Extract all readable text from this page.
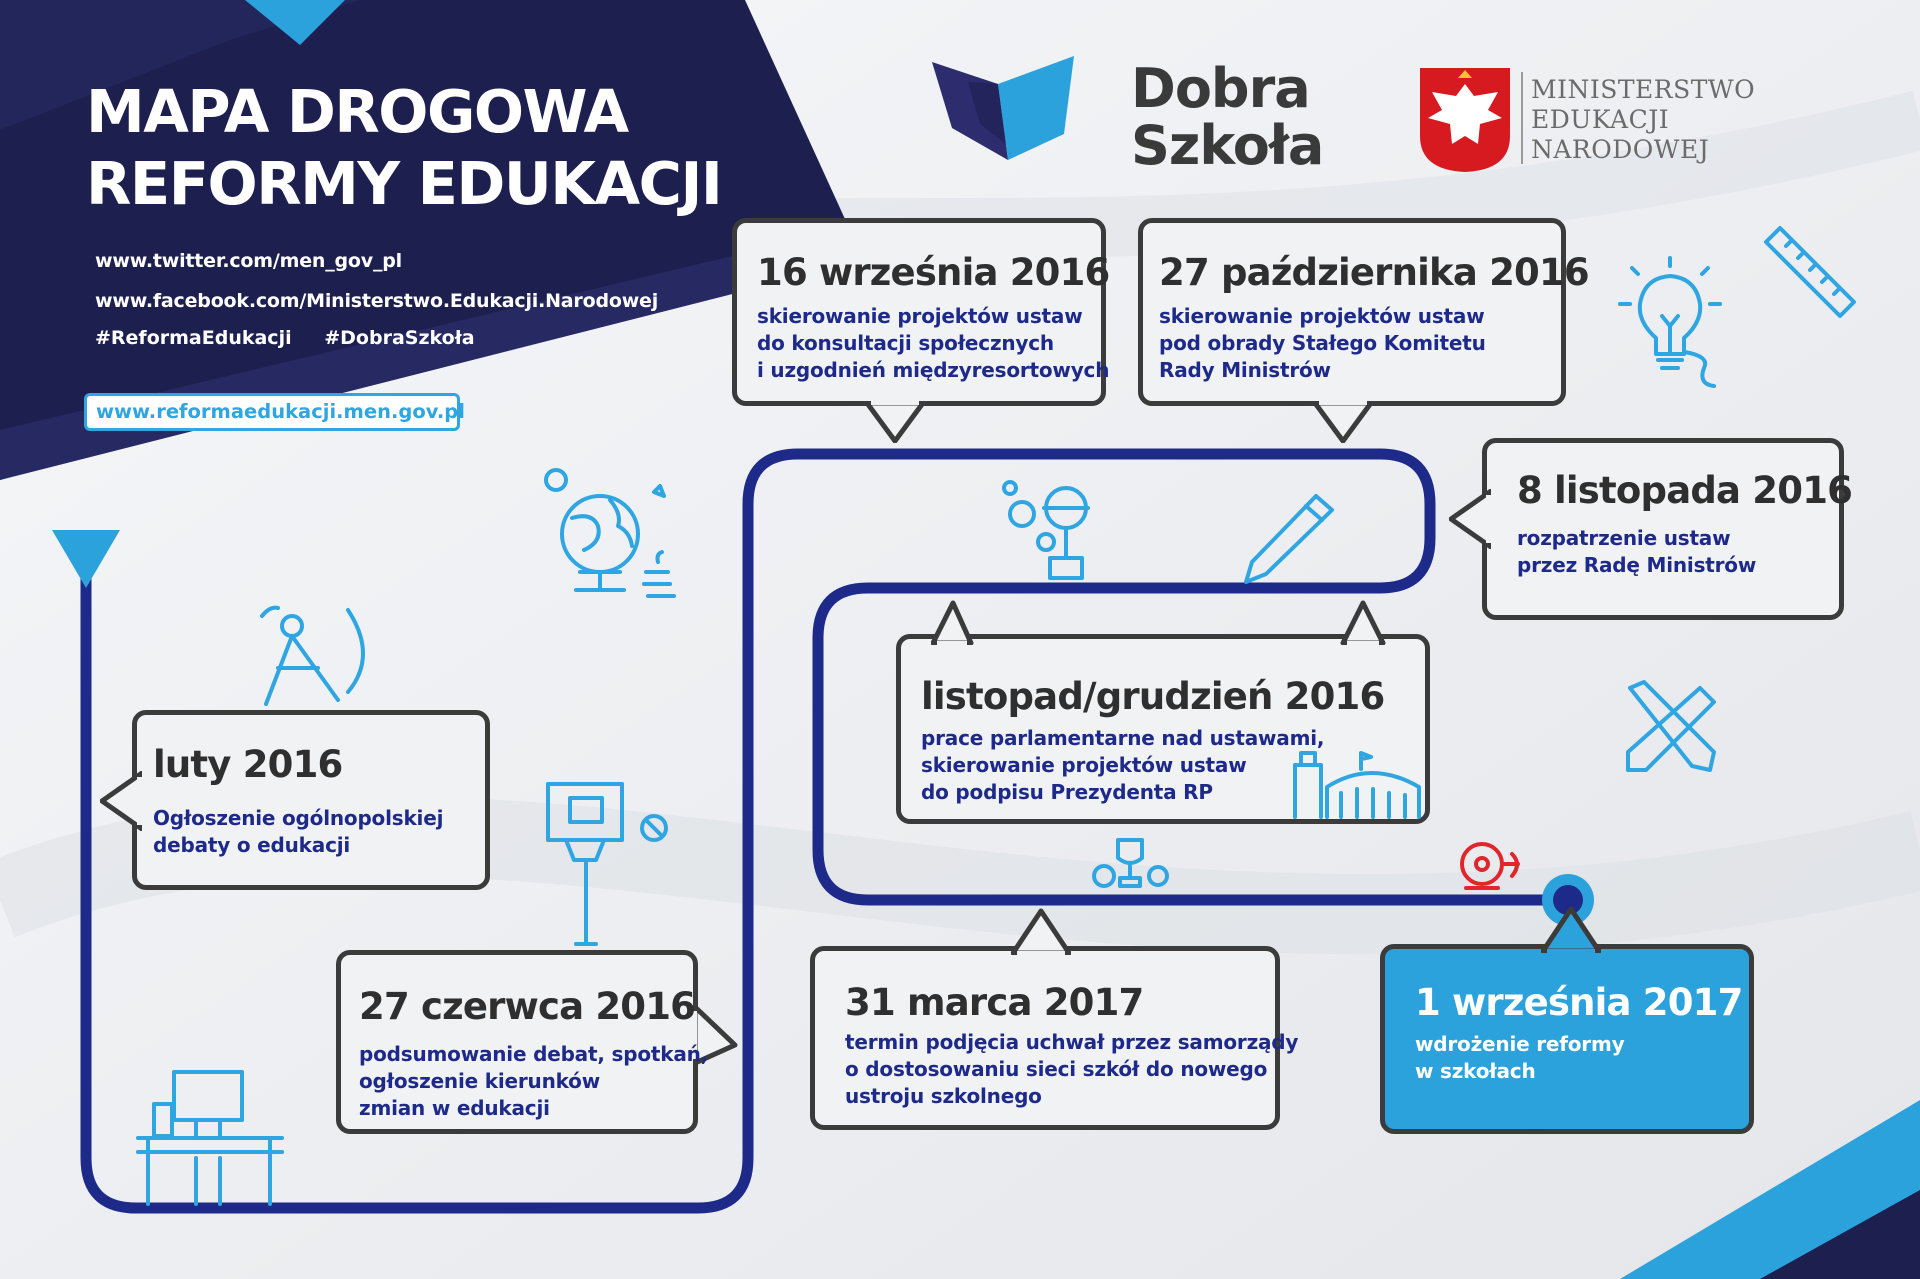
MAPA DROGOWA
REFORMY EDUKACJI
www.twitter.com/men_gov_pl
www.facebook.com/Ministerstwo.Edukacji.Narodowej
#ReformaEdukacji #DobraSzkoła
www.reformaedukacji.men.gov.pl
Dobra
Szkoła
MINISTERSTWO
EDUKACJI
NARODOWEJ
luty 2016
Ogłoszenie ogólnopolskiej
debaty o edukacji
27 czerwca 2016
podsumowanie debat, spotkań,
ogłoszenie kierunków
zmian w edukacji
16 września 2016
skierowanie projektów ustaw
do konsultacji społecznych
i uzgodnień międzyresortowych
27 października 2016
skierowanie projektów ustaw
pod obrady Stałego Komitetu
Rady Ministrów
8 listopada 2016
rozpatrzenie ustaw
przez Radę Ministrów
listopad/grudzień 2016
prace parlamentarne nad ustawami,
skierowanie projektów ustaw
do podpisu Prezydenta RP
31 marca 2017
termin podjęcia uchwał przez samorządy
o dostosowaniu sieci szkół do nowego
ustroju szkolnego
1 września 2017
wdrożenie reformy
w szkołach
